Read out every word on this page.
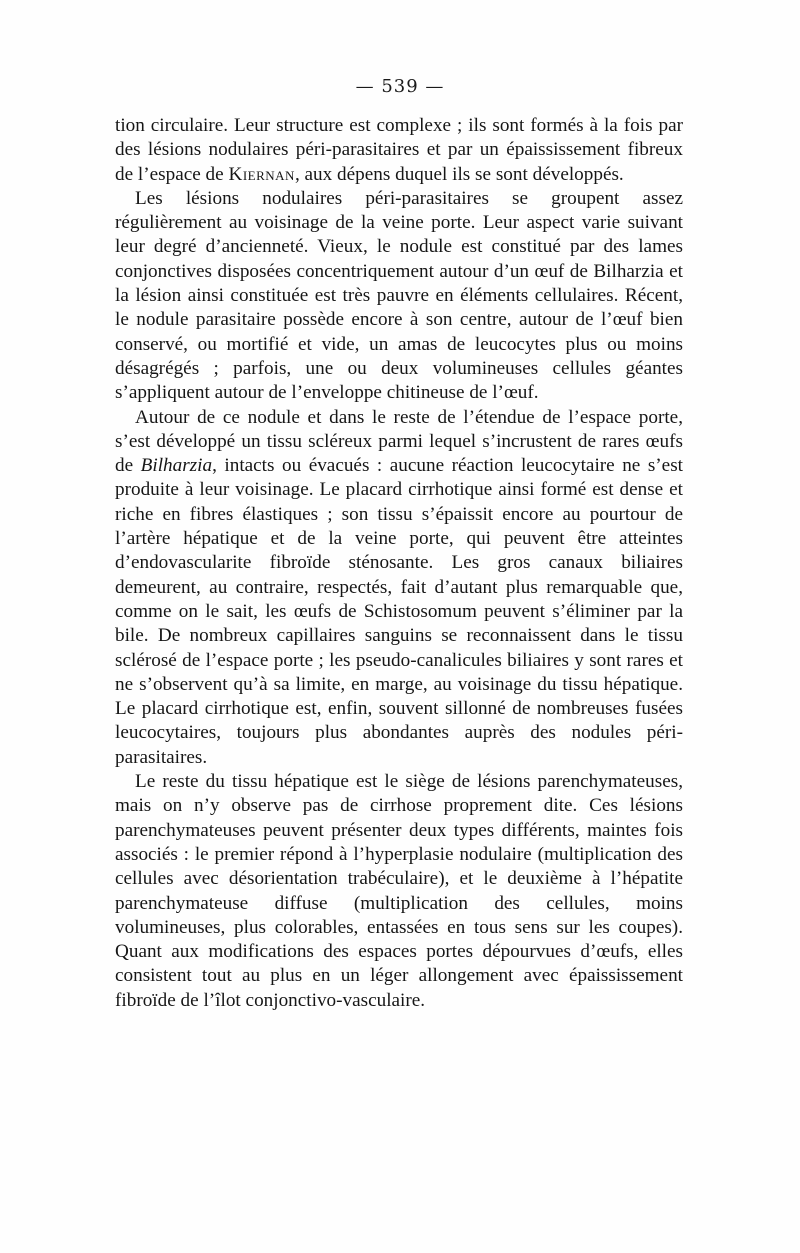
— 539 —

tion circulaire. Leur structure est complexe ; ils sont formés à la fois par des lésions nodulaires péri-parasitaires et par un épaississement fibreux de l’espace de Kiernan, aux dépens duquel ils se sont développés.

Les lésions nodulaires péri-parasitaires se groupent assez régulièrement au voisinage de la veine porte. Leur aspect varie suivant leur degré d’ancienneté. Vieux, le nodule est constitué par des lames conjonctives disposées concentriquement autour d’un œuf de Bilharzia et la lésion ainsi constituée est très pauvre en éléments cellulaires. Récent, le nodule parasitaire possède encore à son centre, autour de l’œuf bien conservé, ou mortifié et vide, un amas de leucocytes plus ou moins désagrégés ; parfois, une ou deux volumineuses cellules géantes s’appliquent autour de l’enveloppe chitineuse de l’œuf.

Autour de ce nodule et dans le reste de l’étendue de l’espace porte, s’est développé un tissu scléreux parmi lequel s’incrustent de rares œufs de Bilharzia, intacts ou évacués : aucune réaction leucocytaire ne s’est produite à leur voisinage. Le placard cirrhotique ainsi formé est dense et riche en fibres élastiques ; son tissu s’épaissit encore au pourtour de l’artère hépatique et de la veine porte, qui peuvent être atteintes d’endovascularite fibroïde sténosante. Les gros canaux biliaires demeurent, au contraire, respectés, fait d’autant plus remarquable que, comme on le sait, les œufs de Schistosomum peuvent s’éliminer par la bile. De nombreux capillaires sanguins se reconnaissent dans le tissu sclérosé de l’espace porte ; les pseudo-canalicules biliaires y sont rares et ne s’observent qu’à sa limite, en marge, au voisinage du tissu hépatique. Le placard cirrhotique est, enfin, souvent sillonné de nombreuses fusées leucocytaires, toujours plus abondantes auprès des nodules péri-parasitaires.

Le reste du tissu hépatique est le siège de lésions parenchymateuses, mais on n’y observe pas de cirrhose proprement dite. Ces lésions parenchymateuses peuvent présenter deux types différents, maintes fois associés : le premier répond à l’hyperplasie nodulaire (multiplication des cellules avec désorientation trabéculaire), et le deuxième à l’hépatite parenchymateuse diffuse (multiplication des cellules, moins volumineuses, plus colorables, entassées en tous sens sur les coupes). Quant aux modifications des espaces portes dépourvues d’œufs, elles consistent tout au plus en un léger allongement avec épaississement fibroïde de l’îlot conjonctivo-vasculaire.
